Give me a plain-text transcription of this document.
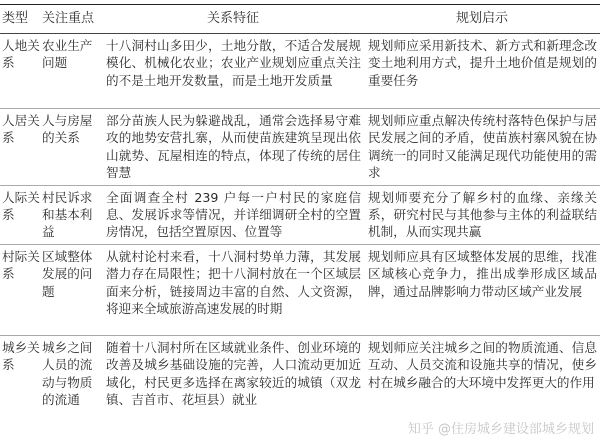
类型	关注重点	关系特征	规划启示
人地关系	农业生产问题	十八洞村山多田少，土地分散，不适合发展规模化、机械化农业；农业产业规划应重点关注的不是土地开发数量，而是土地开发质量	规划师应采用新技术、新方式和新理念改变土地利用方式，提升土地价值是规划的重要任务
人居关系	人与房屋的关系	部分苗族人民为躲避战乱，通常会选择易守难攻的地势安营扎寨，从而使苗族建筑呈现出依山就势、瓦屋相连的特点，体现了传统的居住智慧	规划师应重点解决传统村落特色保护与居民发展之间的矛盾，使苗族村寨风貌在协调统一的同时又能满足现代功能使用的需求
人际关系	村民诉求和基本利益	全面调查全村 239 户每一户村民的家庭信息、发展诉求等情况，并详细调研全村的空置房情况，包括空置原因、位置等	规划师要充分了解乡村的血缘、亲缘关系，研究村民与其他参与主体的利益联结机制，从而实现共赢
村际关系	区域整体发展的问题	从就村论村来看，十八洞村势单力薄，其发展潜力存在局限性；把十八洞村放在一个区域层面来分析，链接周边丰富的自然、人文资源，将迎来全域旅游高速发展的时期	规划师应具有区域整体发展的思维，找准区域核心竞争力，推出成拳形成区域品牌，通过品牌影响力带动区域产业发展
城乡关系	城乡之间人员的流动与物质的流通	随着十八洞村所在区域就业条件、创业环境的改善及城乡基础设施的完善，人口流动更加近域化，村民更多选择在离家较近的城镇（双龙镇、吉首市、花垣县）就业	规划师应关注城乡之间的物质流通、信息互动、人员交流和设施共享的情况，使乡村在城乡融合的大环境中发挥更大的作用
知乎 @住房城乡建设部城乡规划
